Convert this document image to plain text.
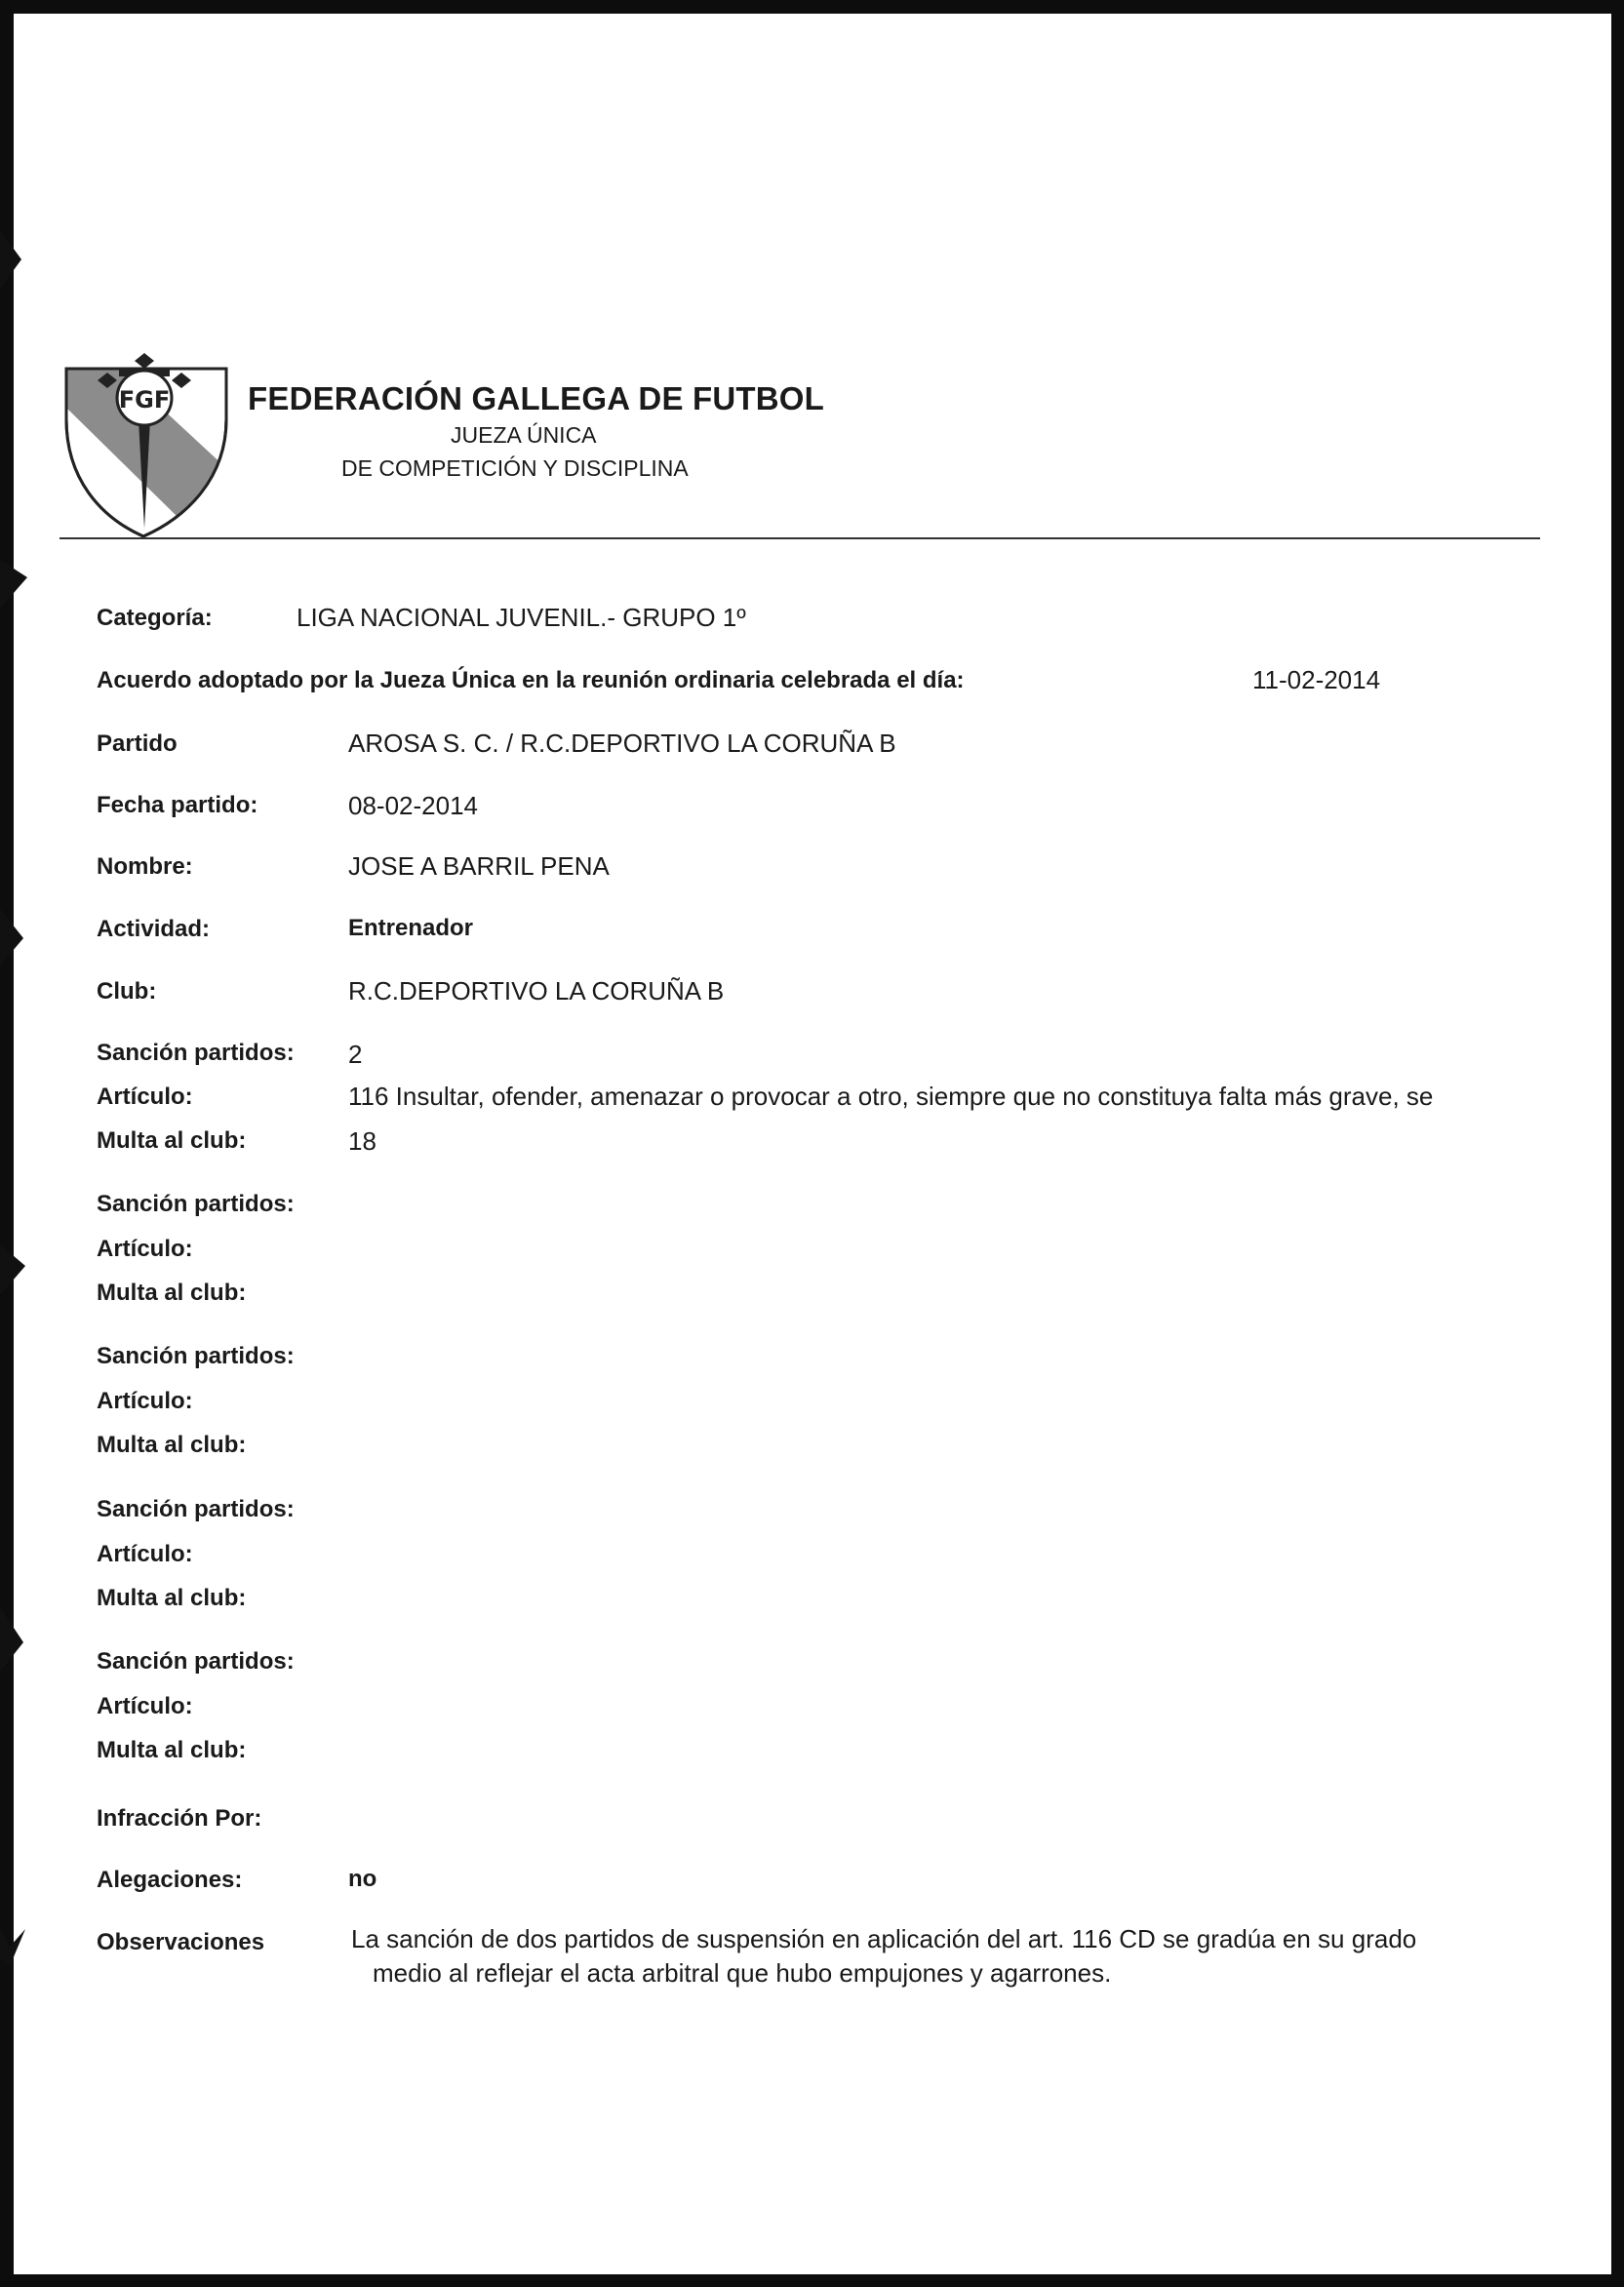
FGF FEDERACIÓN GALLEGA DE FUTBOL
JUEZA ÚNICA
DE COMPETICIÓN Y DISCIPLINA
Categoría:	LIGA NACIONAL JUVENIL.- GRUPO 1º
Acuerdo adoptado por la Jueza Única en la reunión ordinaria celebrada el día:	11-02-2014
Partido	AROSA S. C. / R.C.DEPORTIVO LA CORUÑA B
Fecha partido:	08-02-2014
Nombre:	JOSE A BARRIL PENA
Actividad:	Entrenador
Club:	R.C.DEPORTIVO LA CORUÑA B
Sanción partidos: 2
Artículo:	116 Insultar, ofender, amenazar o provocar a otro, siempre que no constituya falta más grave, se
Multa al club:	18
Sanción partidos:
Artículo:
Multa al club:
Sanción partidos:
Artículo:
Multa al club:
Sanción partidos:
Artículo:
Multa al club:
Sanción partidos:
Artículo:
Multa al club:
Infracción Por:
Alegaciones:	no
Observaciones	La sanción de dos partidos de suspensión en aplicación del art. 116 CD se gradúa en su grado
medio al reflejar el acta arbitral que hubo empujones y agarrones.
